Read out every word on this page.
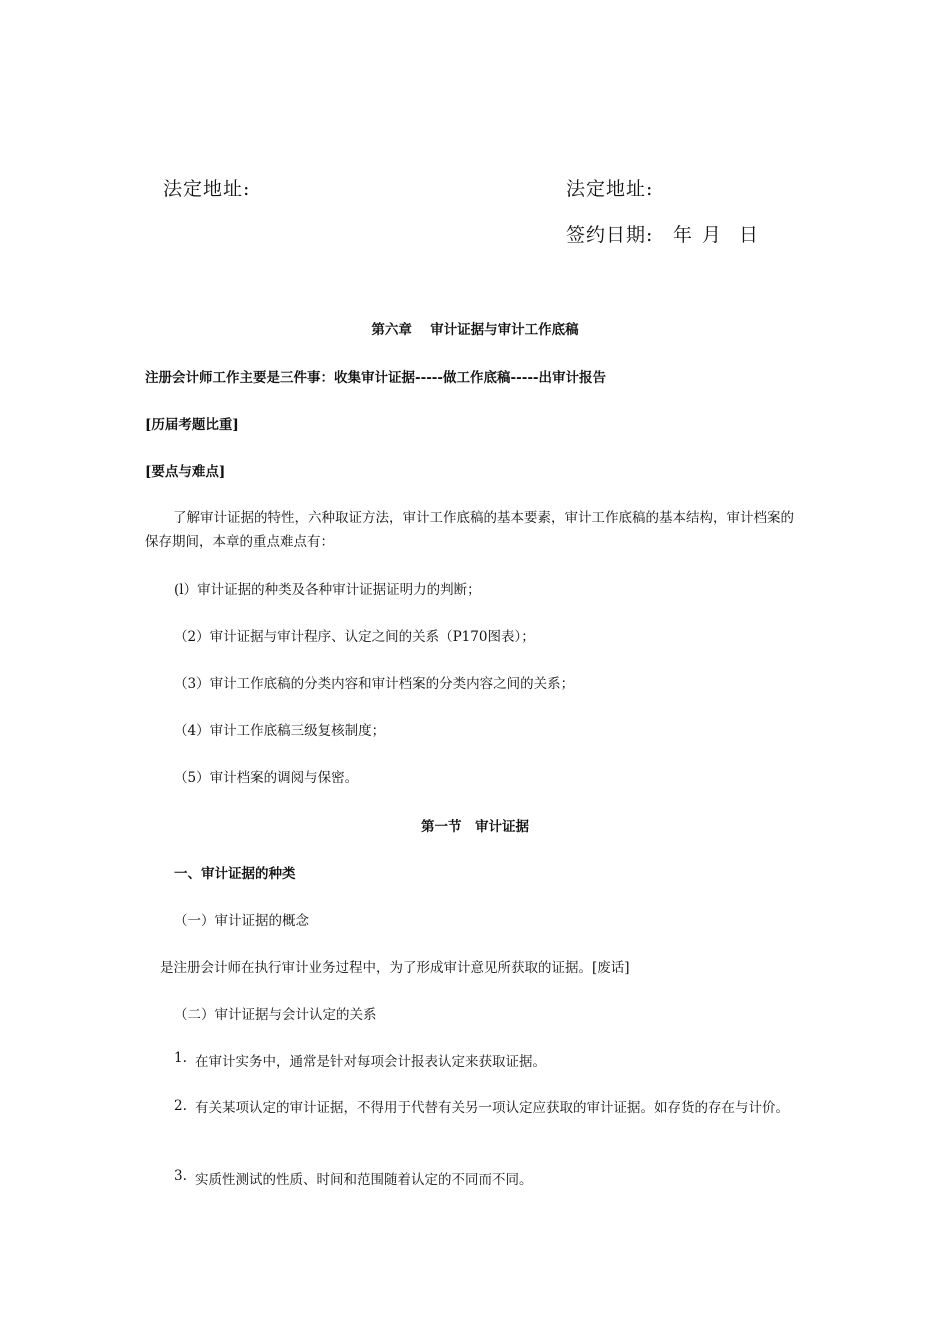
法定地址:	法定地址:
签约日期: 年 月 日
第六章　 审计证据与审计工作底稿
注册会计师工作主要是三件事：收集审计证据-----做工作底稿-----出审计报告
[历届考题比重]
[要点与难点]
了解审计证据的特性，六种取证方法，审计工作底稿的基本要素，审计工作底稿的基本结构，审计档案的保存期间，本章的重点难点有：
(l）审计证据的种类及各种审计证据证明力的判断；
（2）审计证据与审计程序、认定之间的关系（P170图表）；
（3）审计工作底稿的分类内容和审计档案的分类内容之间的关系；
（4）审计工作底稿三级复核制度；
（5）审计档案的调阅与保密。
第一节　审计证据
一、审计证据的种类
（一）审计证据的概念
是注册会计师在执行审计业务过程中，为了形成审计意见所获取的证据。[废话]
（二）审计证据与会计认定的关系
1. 在审计实务中，通常是针对每项会计报表认定来获取证据。
2. 有关某项认定的审计证据，不得用于代替有关另一项认定应获取的审计证据。如存货的存在与计价。
3. 实质性测试的性质、时间和范围随着认定的不同而不同。
